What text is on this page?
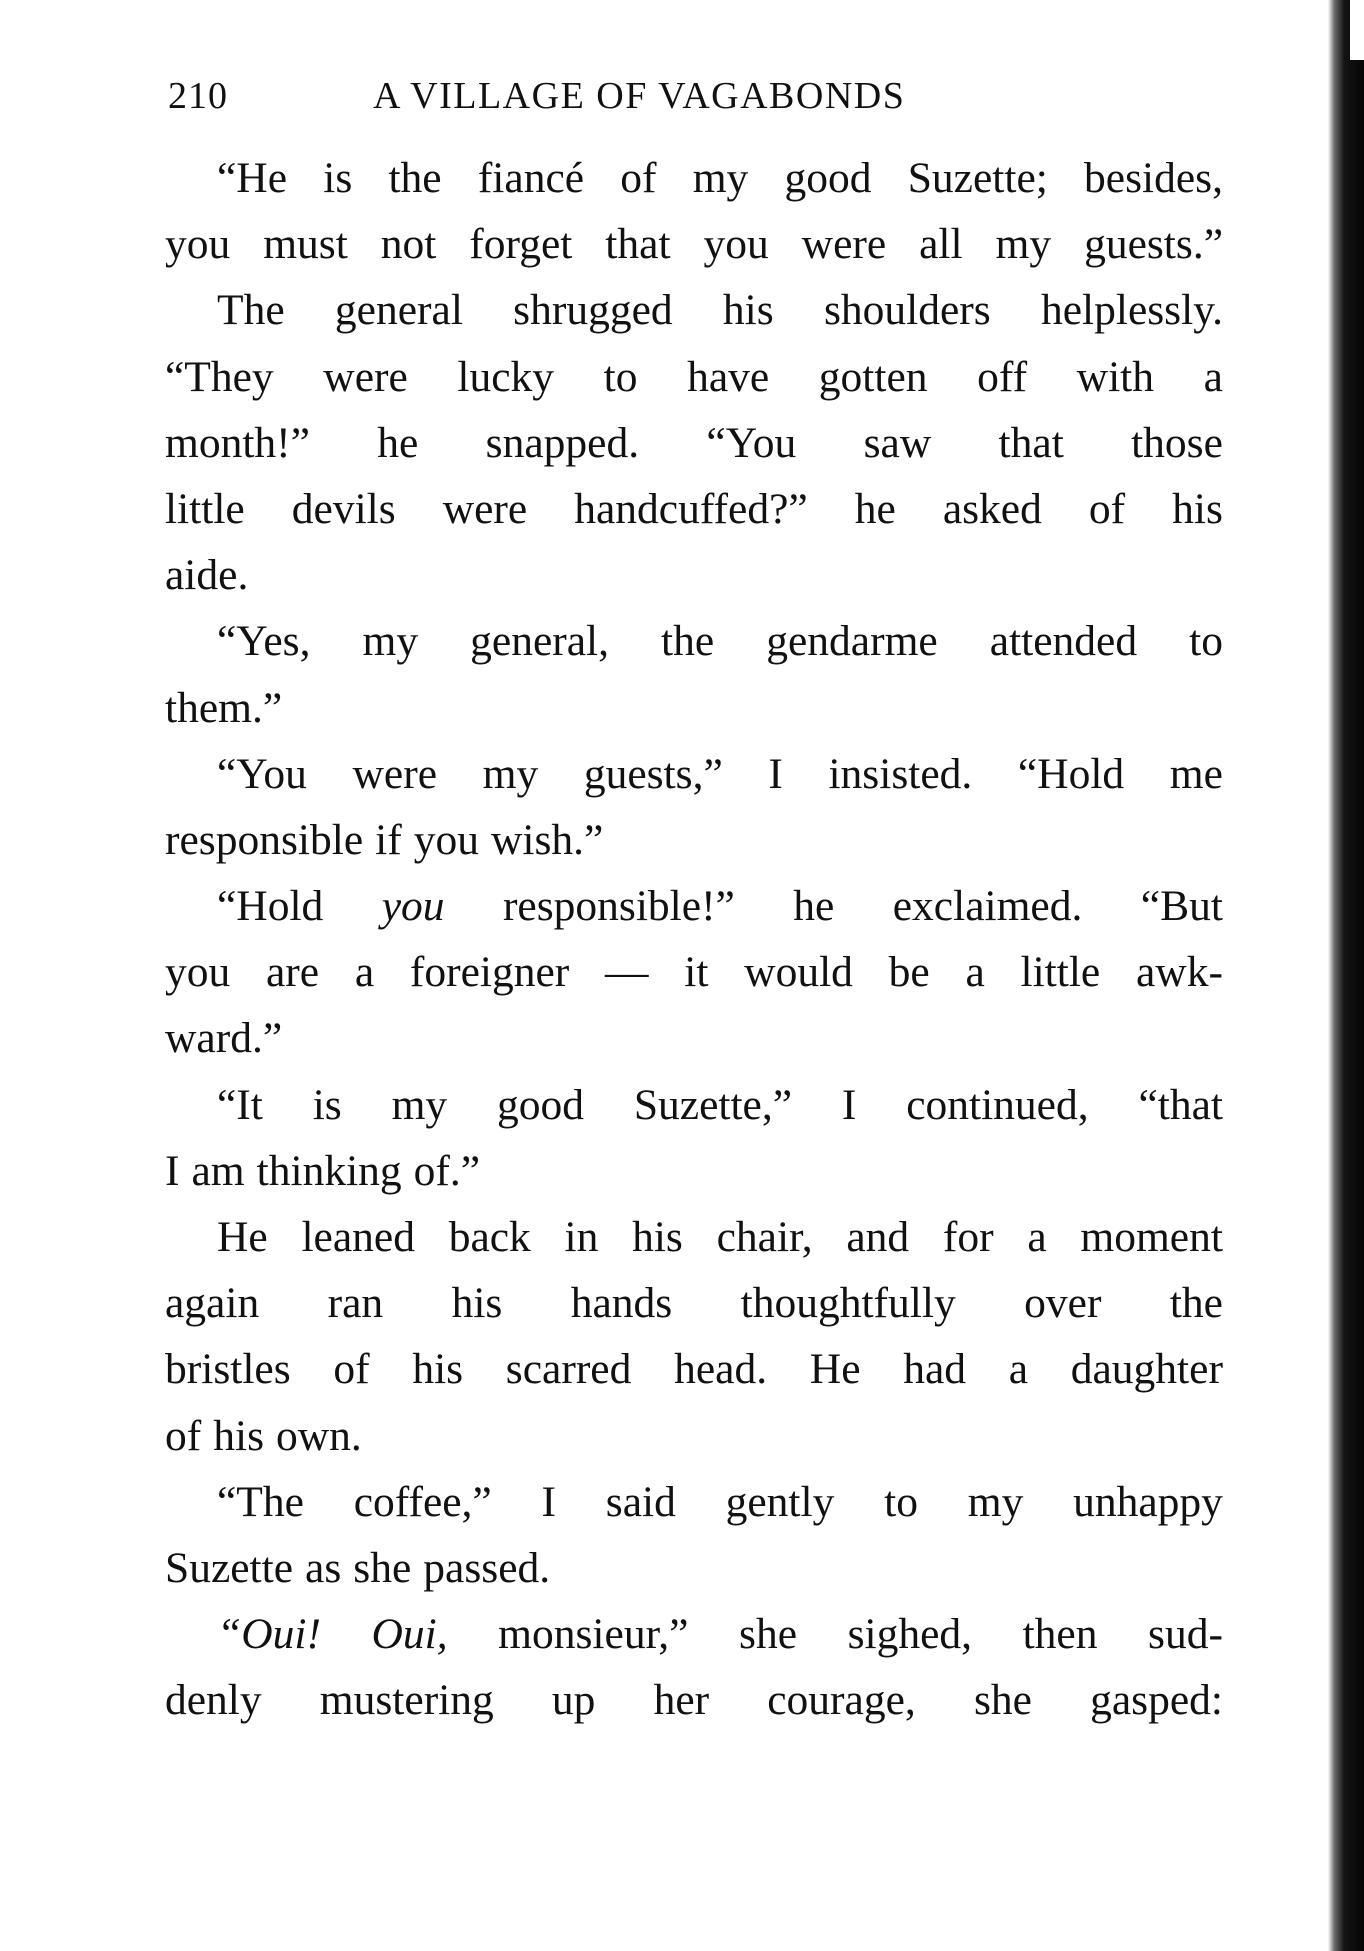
210	A VILLAGE OF VAGABONDS
“He is the fiancé of my good Suzette; besides,
you must not forget that you were all my guests.”
The general shrugged his shoulders helplessly.
“They were lucky to have gotten off with a
month!” he snapped. “You saw that those
little devils were handcuffed?” he asked of his
aide.
“Yes, my general, the gendarme attended to
them.”
“You were my guests,” I insisted. “Hold me
responsible if you wish.”
“Hold you responsible!” he exclaimed. “But
you are a foreigner — it would be a little awk-
ward.”
“It is my good Suzette,” I continued, “that
I am thinking of.”
He leaned back in his chair, and for a moment
again ran his hands thoughtfully over the
bristles of his scarred head. He had a daughter
of his own.
“The coffee,” I said gently to my unhappy
Suzette as she passed.
“Oui! Oui, monsieur,” she sighed, then sud-
denly mustering up her courage, she gasped:
